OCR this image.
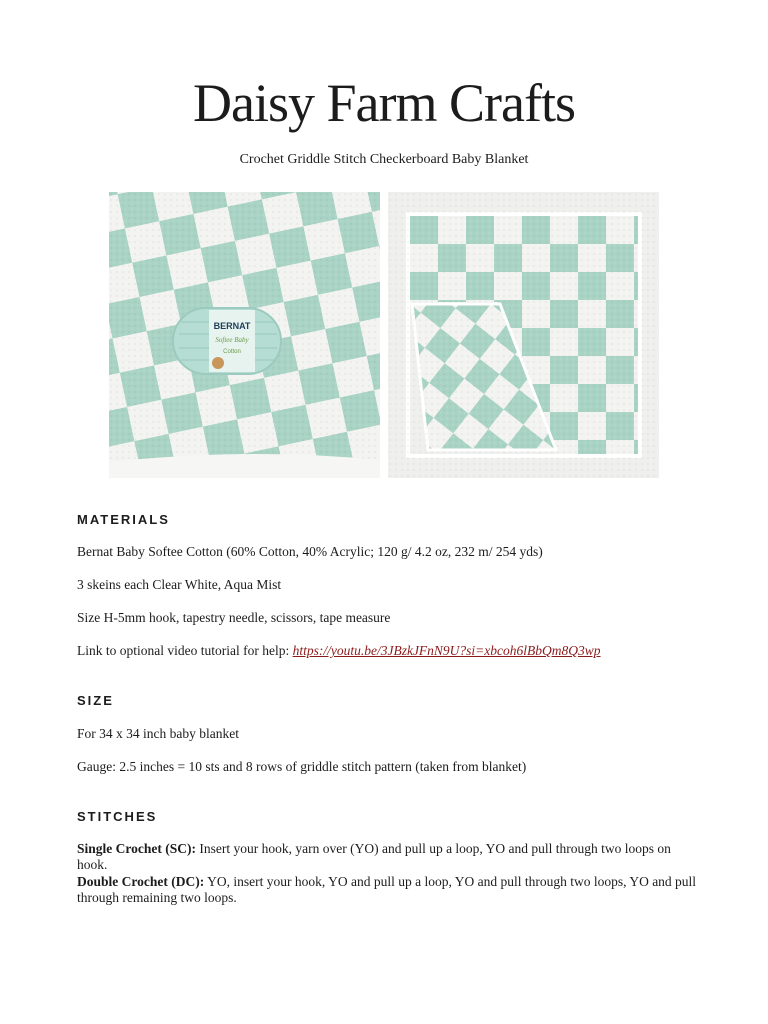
Daisy Farm Crafts

Crochet Griddle Stitch Checkerboard Baby Blanket

BERNAT
Softee Baby
Cotton
MATERIALS

Bernat Baby Softee Cotton (60% Cotton, 40% Acrylic; 120 g/ 4.2 oz, 232 m/ 254 yds)

3 skeins each Clear White, Aqua Mist

Size H-5mm hook, tapestry needle, scissors, tape measure

Link to optional video tutorial for help: https://youtu.be/3JBzkJFnN9U?si=xbcoh6lBbQm8Q3wp

SIZE

For 34 x 34 inch baby blanket

Gauge: 2.5 inches = 10 sts and 8 rows of griddle stitch pattern (taken from blanket)

STITCHES

Single Crochet (SC): Insert your hook, yarn over (YO) and pull up a loop, YO and pull through two loops on hook.

Double Crochet (DC): YO, insert your hook, YO and pull up a loop, YO and pull through two loops, YO and pull through remaining two loops.
